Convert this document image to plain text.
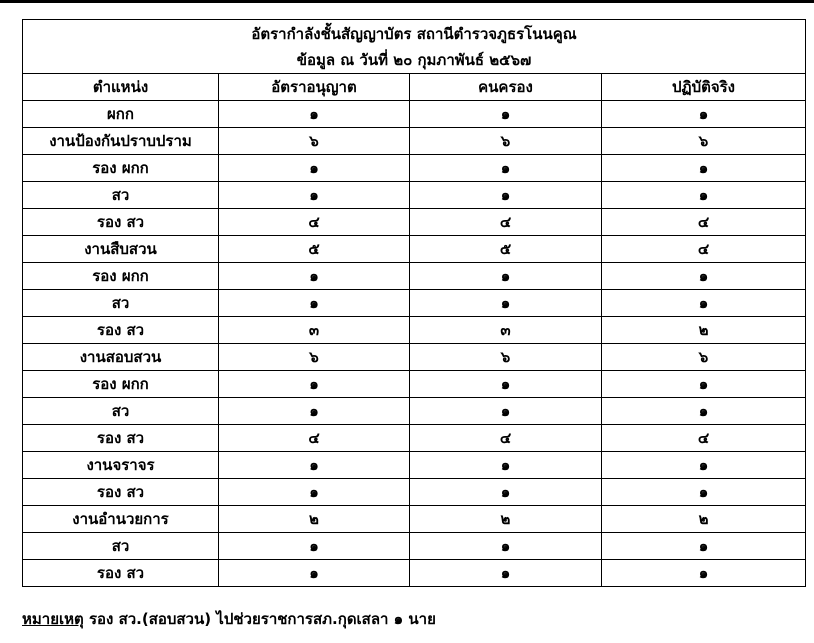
อัตรากำลังชั้นสัญญาบัตร สถานีตำรวจภูธรโนนคูณ
ข้อมูล ณ วันที่ ๒๐ กุมภาพันธ์ ๒๕๖๗			

ตำแหน่ง	อัตราอนุญาต	คนครอง	ปฏิบัติจริง
ผกก	๑	๑	๑
งานป้องกันปราบปราม	๖	๖	๖
รอง ผกก	๑	๑	๑
สว	๑	๑	๑
รอง สว	๔	๔	๔
งานสืบสวน	๕	๕	๔
รอง ผกก	๑	๑	๑
สว	๑	๑	๑
รอง สว	๓	๓	๒
งานสอบสวน	๖	๖	๖
รอง ผกก	๑	๑	๑
สว	๑	๑	๑
รอง สว	๔	๔	๔
งานจราจร	๑	๑	๑
รอง สว	๑	๑	๑
งานอำนวยการ	๒	๒	๒
สว	๑	๑	๑
รอง สว	๑	๑	๑
หมายเหตุ รอง สว.(สอบสวน) ไปช่วยราชการสภ.กุดเสลา ๑ นาย
